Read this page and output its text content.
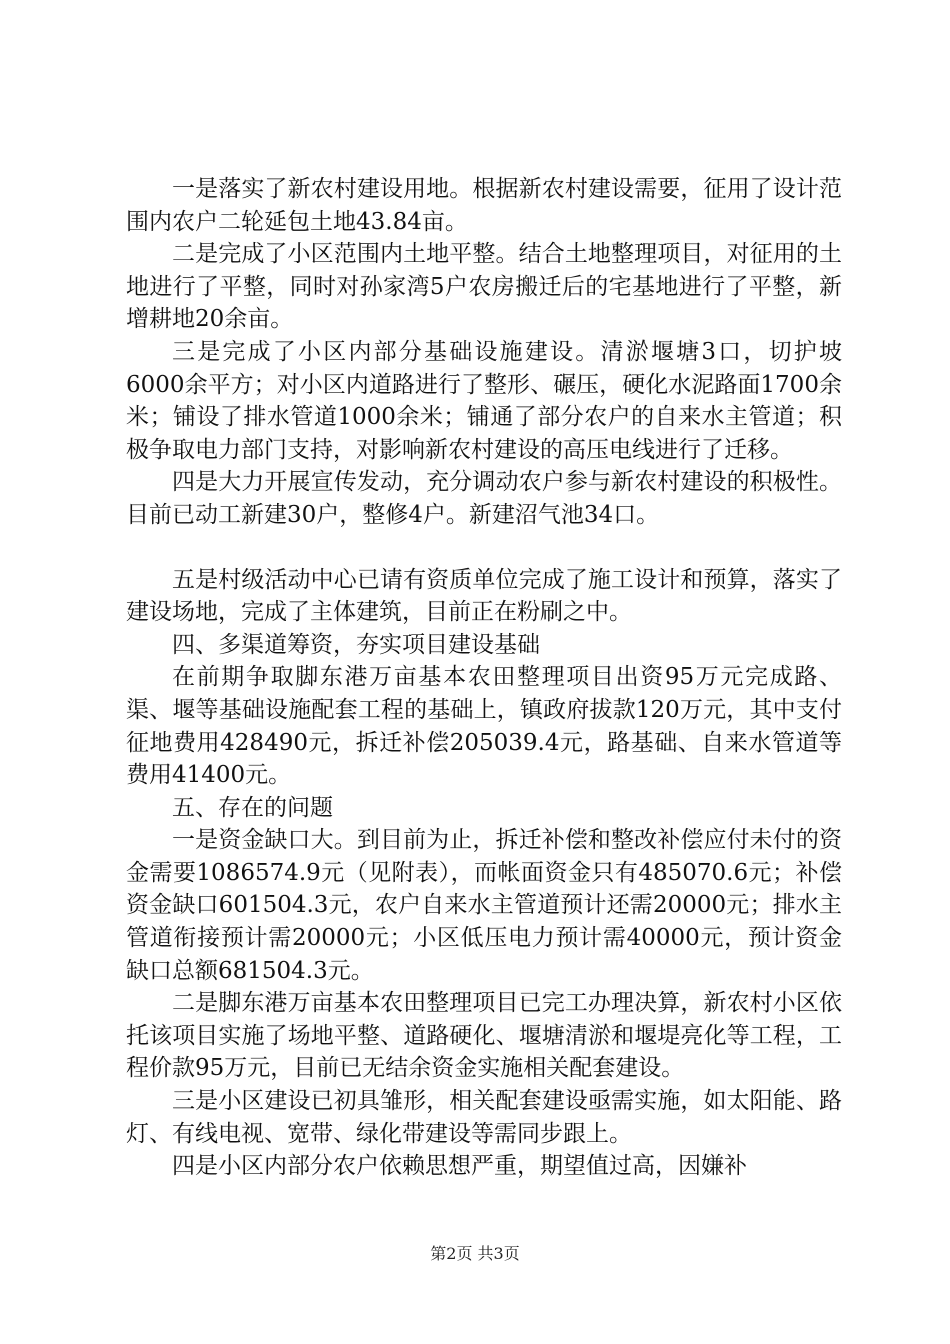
一是落实了新农村建设用地。根据新农村建设需要，征用了设计范围内农户二轮延包土地43.84亩。

二是完成了小区范围内土地平整。结合土地整理项目，对征用的土地进行了平整，同时对孙家湾5户农房搬迁后的宅基地进行了平整，新增耕地20余亩。

三是完成了小区内部分基础设施建设。清淤堰塘3口，切护坡6000余平方；对小区内道路进行了整形、碾压，硬化水泥路面1700余米；铺设了排水管道1000余米；铺通了部分农户的自来水主管道；积极争取电力部门支持，对影响新农村建设的高压电线进行了迁移。

四是大力开展宣传发动，充分调动农户参与新农村建设的积极性。目前已动工新建30户，整修4户。新建沼气池34口。

五是村级活动中心已请有资质单位完成了施工设计和预算，落实了建设场地，完成了主体建筑，目前正在粉刷之中。

四、多渠道筹资，夯实项目建设基础

在前期争取脚东港万亩基本农田整理项目出资95万元完成路、渠、堰等基础设施配套工程的基础上，镇政府拔款120万元，其中支付征地费用428490元，拆迁补偿205039.4元，路基础、自来水管道等费用41400元。

五、存在的问题

一是资金缺口大。到目前为止，拆迁补偿和整改补偿应付未付的资金需要1086574.9元（见附表），而帐面资金只有485070.6元；补偿资金缺口601504.3元，农户自来水主管道预计还需20000元；排水主管道衔接预计需20000元；小区低压电力预计需40000元，预计资金缺口总额681504.3元。

二是脚东港万亩基本农田整理项目已完工办理决算，新农村小区依托该项目实施了场地平整、道路硬化、堰塘清淤和堰堤亮化等工程，工程价款95万元，目前已无结余资金实施相关配套建设。

三是小区建设已初具雏形，相关配套建设亟需实施，如太阳能、路灯、有线电视、宽带、绿化带建设等需同步跟上。

四是小区内部分农户依赖思想严重，期望值过高，因嫌补

第2页 共3页
